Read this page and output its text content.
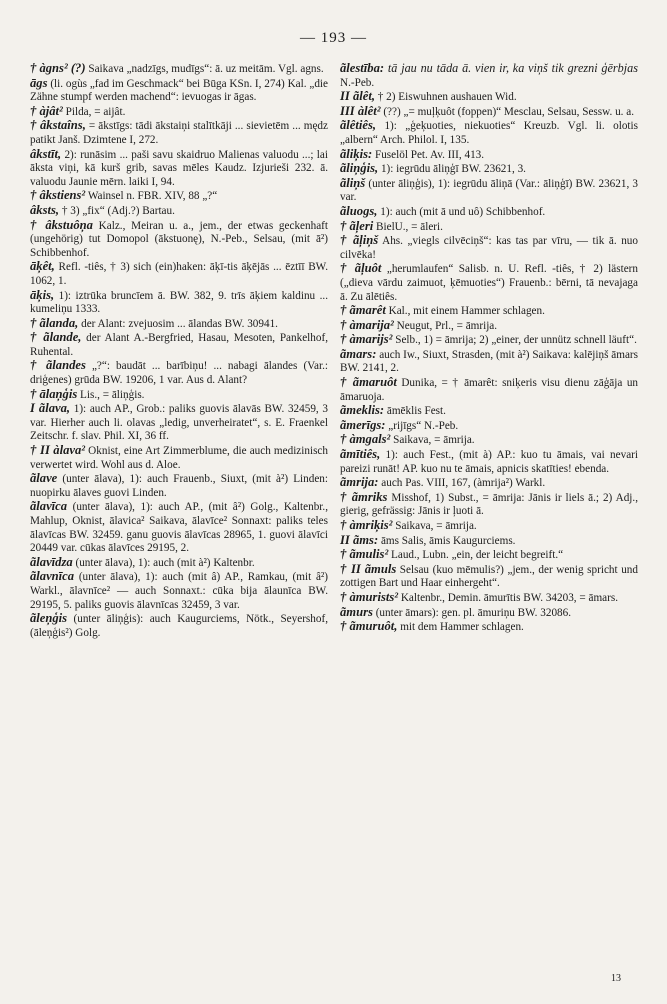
— 193 —

† àgns² (?) Saikava „nadzīgs, mudīgs“: ā. uz meitām. Vgl. agns.

āgs (li. ogùs „fad im Geschmack“ bei Būga KSn. I, 274) Kal. „die Zähne stumpf werden machend“: ievuogas ir āgas.

† àjât² Pilda, = aijât.

† âkstaîns, = ākstīgs: tādi ākstaiņi stalītkāji ... sievietēm ... mędz patikt Janš. Dzimtene I, 272.

âkstīt, 2): runāsim ... paši savu skaidruo Malienas valuodu ...; lai āksta viņi, kā kurš grib, savas mēles Kaudz. Izjurieši 232. ā. valuodu Jaunie mērn. laiki I, 94.

† âkstiens² Wainsel n. FBR. XIV, 88 „?“

âksts, † 3) „fix“ (Adj.?) Bartau.

† âkstuôņa Kalz., Meiran u. a., jem., der etwas geckenhaft (ungehörig) tut Domopol (ākstuonę), N.-Peb., Selsau, (mit ā²) Schibbenhof.

āķêt, Refl. -tiês, † 3) sich (ein)haken: āķī-tis āķējās ... ēztīī BW. 1062, 1.

āķis, 1): iztrūka bruncīem ā. BW. 382, 9. trīs āķiem kaldinu ... kumeliņu 1333.

† ãlanda, der Alant: zvejuosim ... ālandas BW. 30941.

† ãlande, der Alant A.-Bergfried, Hasau, Mesoten, Pankelhof, Ruhental.

† ãlandes „?“: baudāt ... barībiņu! ... nabagi ālandes (Var.: driģenes) grūda BW. 19206, 1 var. Aus d. Alant?

† ālaņģis Lis., = āliņģis.

I ãlava, 1): auch AP., Grob.: paliks guovis ālavās BW. 32459, 3 var. Hierher auch li. olavas „ledig, unverheiratet“, s. E. Fraenkel Zeitschr. f. slav. Phil. XI, 36 ff.

† II àlava² Oknist, eine Art Zimmerblume, die auch medizinisch verwertet wird. Wohl aus d. Aloe.

ãlave (unter ālava), 1): auch Frauenb., Siuxt, (mit à²) Linden: nuopirku ālaves guovi Linden.

ãlavīca (unter ālava), 1): auch AP., (mit â²) Golg., Kaltenbr., Mahlup, Oknist, ālavica² Saikava, ālavīce² Sonnaxt: paliks teles ālavīcas BW. 32459. ganu guovis ālavīcas 28965, 1. guovi ālavīci 20449 var. cūkas ālavīces 29195, 2.

ãlavīdza (unter ālava), 1): auch (mit à²) Kaltenbr.

ãlavnīca (unter ālava), 1): auch (mit â) AP., Ramkau, (mit â²) Warkl., ālavnīce² — auch Sonnaxt.: cūka bija ālaunīca BW. 29195, 5. paliks guovis ālavnīcas 32459, 3 var.

ãleņģis (unter āliņģis): auch Kaugurciems, Nötk., Seyershof, (āleņģis²) Golg.

ãlestība: tā jau nu tāda ā. vien ir, ka viņš tik grezni ģērbjas N.-Peb.

II ãlêt, † 2) Eiswuhnen aushauen Wid.

III àlêt² (??) „= muļķuôt (foppen)“ Mesclau, Selsau, Sessw. u. a.

ãlêtiês, 1): „ģeķuoties, niekuoties“ Kreuzb. Vgl. li. olotis „albern“ Arch. Philol. I, 135.

ãliķis: Fuselöl Pet. Av. III, 413.

ãliņģis, 1): iegrūdu āliņģī BW. 23621, 3.

ãliņš (unter āliņģis), 1): iegrūdu āliņā (Var.: āliņģī) BW. 23621, 3 var.

ãluogs, 1): auch (mit ā und uô) Schibbenhof.

† ãļeri BielU., = āleri.

† ãļiņš Ahs. „viegls cilvēciņš“: kas tas par vīru, — tik ā. nuo cilvēka!

† ãļuôt „herumlaufen“ Salisb. n. U. Refl. -tiês, † 2) lästern („dieva vārdu zaimuot, ķēmuoties“) Frauenb.: bērni, tā nevajaga ā. Zu ālētiês.

† ãmarêt Kal., mit einem Hammer schlagen.

† àmarija² Neugut, Prl., = āmrija.

† àmarijs² Selb., 1) = āmrija; 2) „einer, der unnütz schnell läuft“.

ãmars: auch Iw., Siuxt, Strasden, (mit à²) Saikava: kalējiņš āmars BW. 2141, 2.

† ãmaruôt Dunika, = † āmarêt: sniķeris visu dienu zāģāja un āmaruoja.

ãmeklis: āmēklis Fest.

ãmerīgs: „rijīgs“ N.-Peb.

† àmgals² Saikava, = āmrija.

ãmītiês, 1): auch Fest., (mit à) AP.: kuo tu āmais, vai nevari pareizi runāt! AP. kuo nu te āmais, apnicis skatīties! ebenda.

ãmrija: auch Pas. VIII, 167, (àmrija²) Warkl.

† ãmriks Misshof, 1) Subst., = āmrija: Jānis ir liels ā.; 2) Adj., gierig, gefrässig: Jānis ir ļuoti ā.

† àmriķis² Saikava, = āmrija.

II ãms: āms Salis, āmis Kaugurciems.

† ãmulis² Laud., Lubn. „ein, der leicht begreift.“

† II ãmuls Selsau (kuo mēmulis?) „jem., der wenig spricht und zottigen Bart und Haar einhergeht“.

† àmurists² Kaltenbr., Demin. āmurītis BW. 34203, = āmars.

ãmurs (unter āmars): gen. pl. āmuriņu BW. 32086.

† ãmuruôt, mit dem Hammer schlagen.

13
